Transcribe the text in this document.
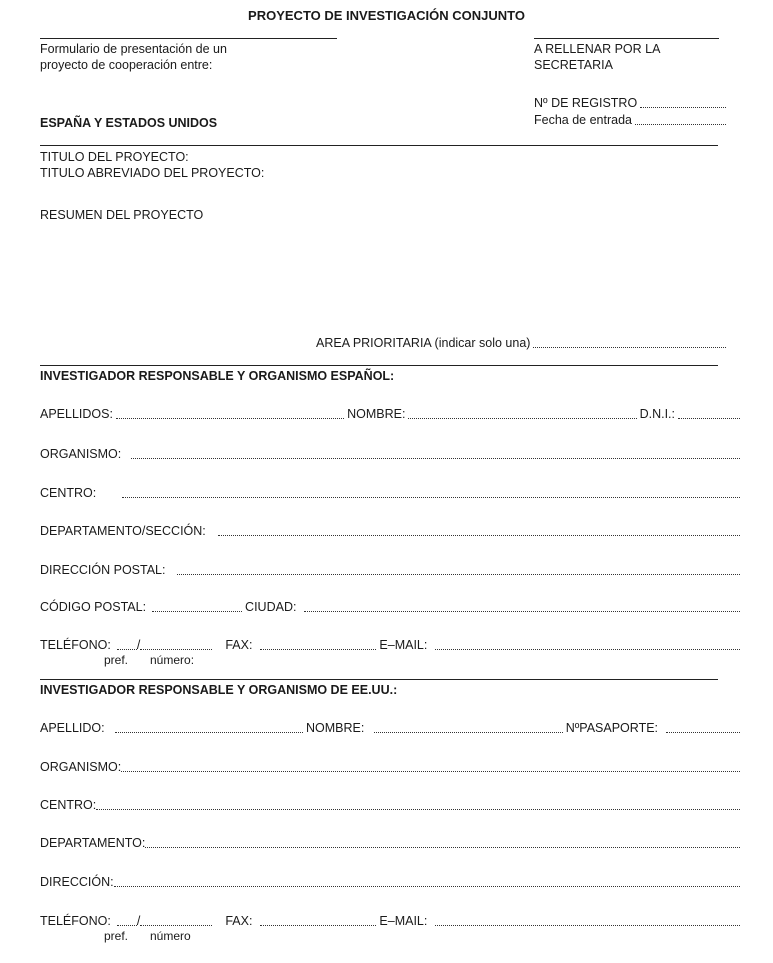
PROYECTO DE INVESTIGACIÓN CONJUNTO
Formulario de presentación de un
proyecto de cooperación entre:
ESPAÑA Y ESTADOS UNIDOS
A RELLENAR POR LA
SECRETARIA
Nº DE REGISTRO
Fecha de entrada
TITULO DEL PROYECTO:
TITULO ABREVIADO DEL PROYECTO:
RESUMEN DEL PROYECTO
AREA PRIORITARIA (indicar solo una)
INVESTIGADOR RESPONSABLE Y ORGANISMO ESPAÑOL:
APELLIDOS:	NOMBRE:	D.N.I.:
ORGANISMO:
CENTRO:
DEPARTAMENTO/SECCIÓN:
DIRECCIÓN POSTAL:
CÓDIGO POSTAL:	CIUDAD:
TELÉFONO: /	FAX:	E–MAIL:
pref. número:
INVESTIGADOR RESPONSABLE Y ORGANISMO DE EE.UU.:
APELLIDO:	NOMBRE:	NºPASAPORTE:
ORGANISMO:
CENTRO:
DEPARTAMENTO:
DIRECCIÓN:
TELÉFONO: /	FAX:	E–MAIL:
pref. número
